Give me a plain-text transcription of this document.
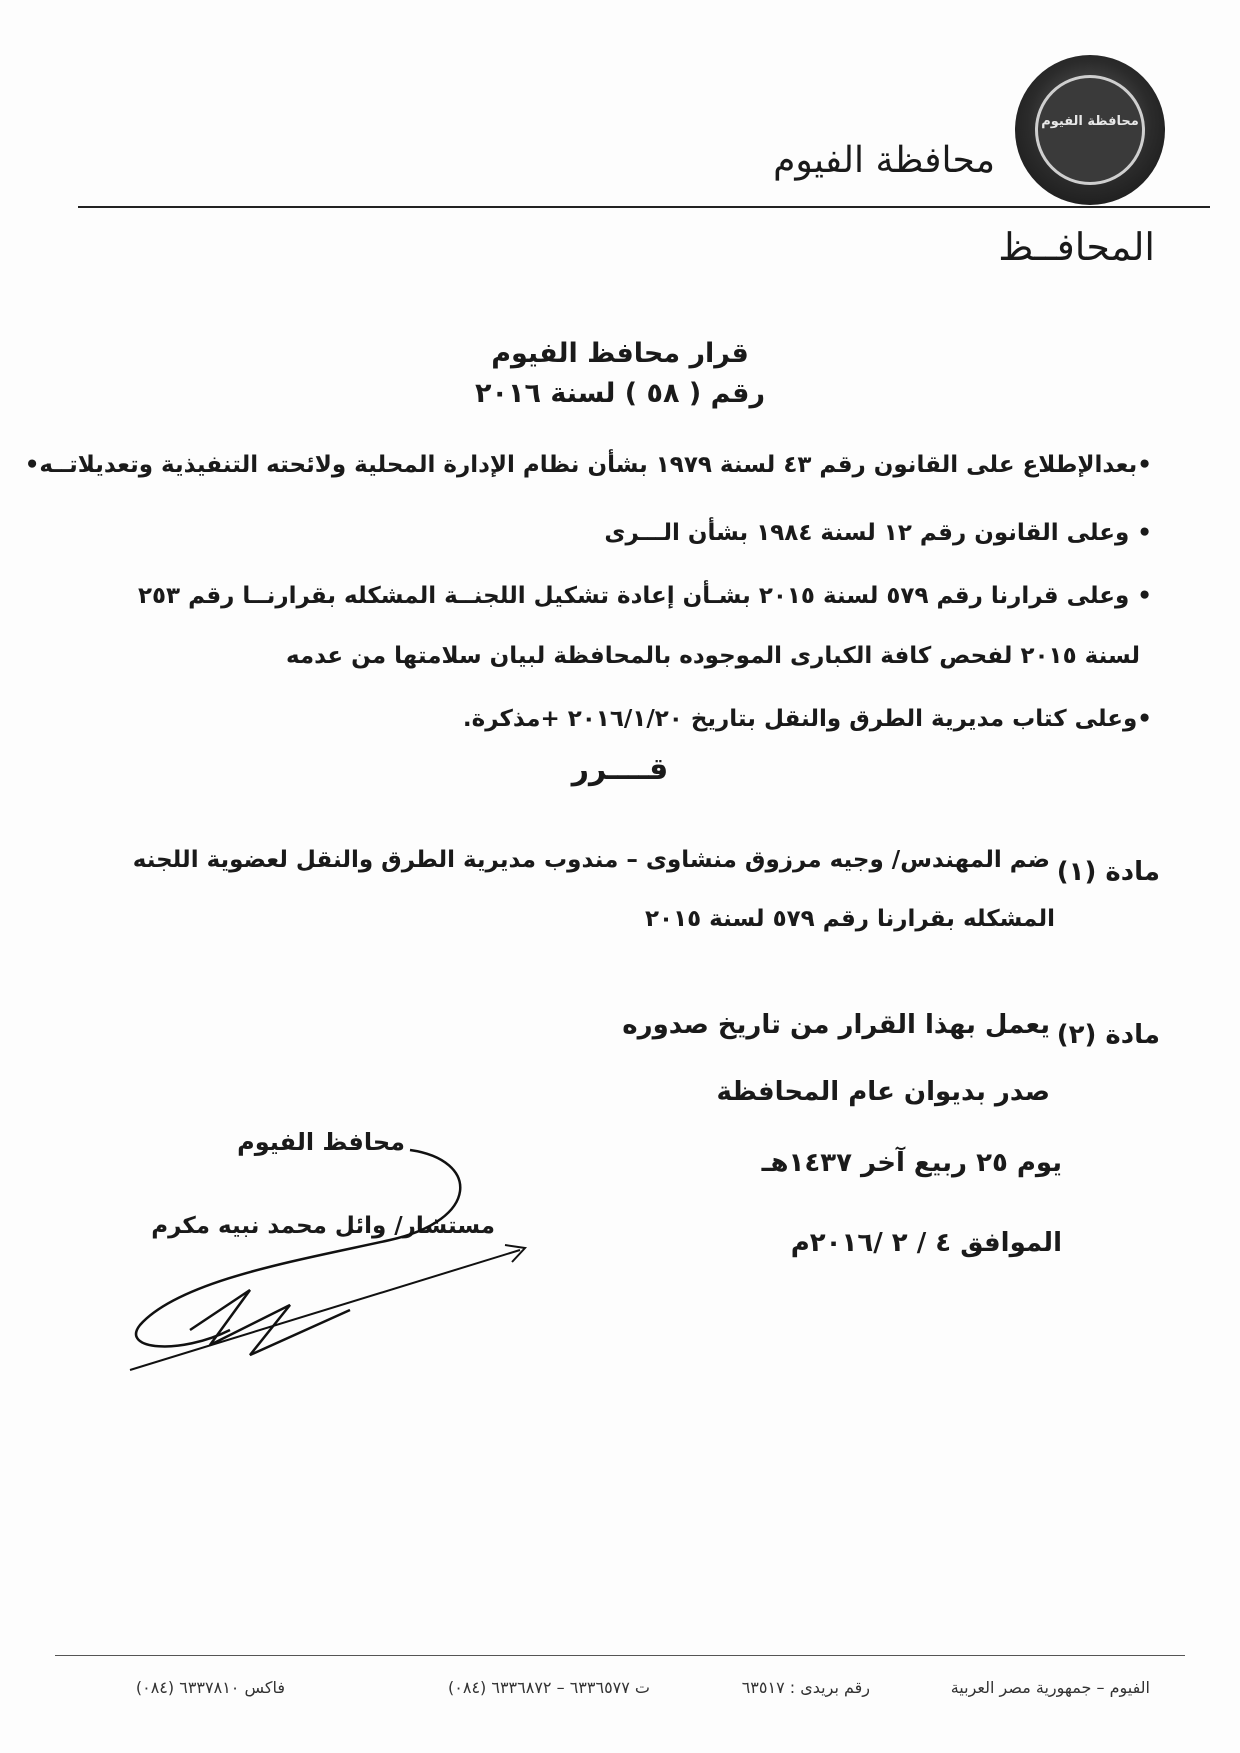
محافظة الفيوم
محافظة الفيوم
المحافــظ
قرار محافظ الفيوم
رقم ( ٥٨ ) لسنة ٢٠١٦
•بعدالإطلاع على القانون رقم ٤٣ لسنة ١٩٧٩ بشأن نظام الإدارة المحلية ولائحته التنفيذية وتعديلاتــه•
• وعلى القانون رقم ١٢ لسنة ١٩٨٤ بشأن الـــرى
• وعلى قرارنا رقم ٥٧٩ لسنة ٢٠١٥ بشـأن إعادة تشكيل اللجنــة المشكله بقرارنــا رقم ٢٥٣
لسنة ٢٠١٥ لفحص كافة الكبارى الموجوده بالمحافظة لبيان سلامتها من عدمه
•وعلى كتاب مديرية الطرق والنقل بتاريخ ٢٠١٦/١/٢٠ +مذكرة.
قــــرر
مادة (١)
ضم المهندس/ وجيه مرزوق منشاوى – مندوب مديرية الطرق والنقل لعضوية اللجنه
المشكله بقرارنا رقم ٥٧٩ لسنة ٢٠١٥
مادة (٢)
يعمل بهذا القرار من تاريخ صدوره
صدر بديوان عام المحافظة
يوم ٢٥ ربيع آخر ١٤٣٧هـ
الموافق ٤ / ٢ /٢٠١٦م
محافظ الفيوم
مستشار/ وائل محمد نبيه مكرم
الفيوم – جمهورية مصر العربية
رقم بريدى : ٦٣٥١٧
ت ٦٣٣٦٥٧٧ – ٦٣٣٦٨٧٢ (٠٨٤)
فاكس ٦٣٣٧٨١٠ (٠٨٤)
